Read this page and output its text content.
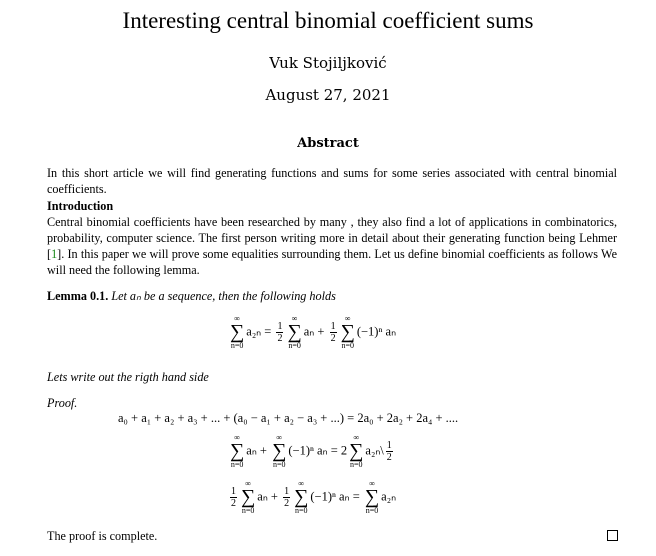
Interesting central binomial coefficient sums
Vuk Stojiljković
August 27, 2021
Abstract
In this short article we will find generating functions and sums for some series associated with central binomial coefficients.
Introduction
Central binomial coefficients have been researched by many , they also find a lot of applications in combinatorics, probability, computer science. The first person writing more in detail about their generating function being Lehmer [1]. In this paper we will prove some equalities surrounding them. Let us define binomial coefficients as follows We will need the following lemma.
Lemma 0.1. Let aₙ be a sequence, then the following holds
∞
∑
n=0
$a_{2n} = \frac{1}{2}$
∞
∑
n=0
$a_n + \frac{1}{2}$
∞
∑
n=0
(−1)ⁿ aₙ
Lets write out the rigth hand side
Proof.
a₀ + a₁ + a₂ + a₃ + ... + (a₀ − a₁ + a₂ − a₃ + ...) = 2a₀ + 2a₂ + 2a₄ + ....
∞
∑
n=0
aₙ +
∞
∑
n=0
(−1)ⁿ aₙ = 2
∞
∑
n=0
a₂ₙ\ $\frac{1}{2}$
$\frac{1}{2}$
∞
∑
n=0
$a_n + \frac{1}{2}$
∞
∑
n=0
(−1)ⁿ aₙ =
∞
∑
n=0
a₂ₙ
The proof is complete.
